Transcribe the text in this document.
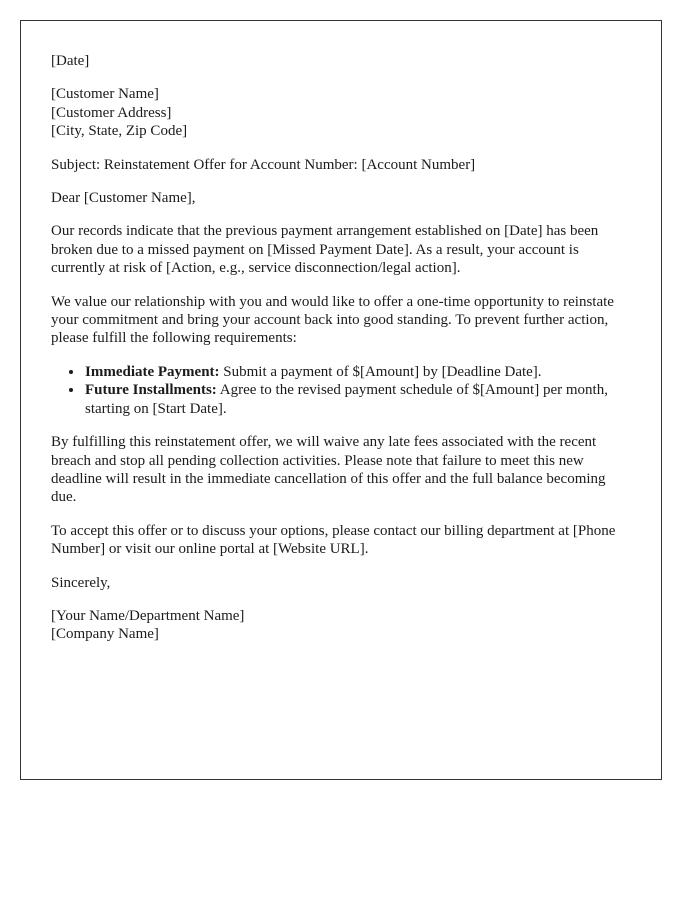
[Date]

[Customer Name]
[Customer Address]
[City, State, Zip Code]

Subject: Reinstatement Offer for Account Number: [Account Number]

Dear [Customer Name],

Our records indicate that the previous payment arrangement established on [Date] has been broken due to a missed payment on [Missed Payment Date]. As a result, your account is currently at risk of [Action, e.g., service disconnection/legal action].

We value our relationship with you and would like to offer a one-time opportunity to reinstate your commitment and bring your account back into good standing. To prevent further action, please fulfill the following requirements:

• Immediate Payment: Submit a payment of $[Amount] by [Deadline Date].
• Future Installments: Agree to the revised payment schedule of $[Amount] per month, starting on [Start Date].

By fulfilling this reinstatement offer, we will waive any late fees associated with the recent breach and stop all pending collection activities. Please note that failure to meet this new deadline will result in the immediate cancellation of this offer and the full balance becoming due.

To accept this offer or to discuss your options, please contact our billing department at [Phone Number] or visit our online portal at [Website URL].

Sincerely,

[Your Name/Department Name]
[Company Name]
